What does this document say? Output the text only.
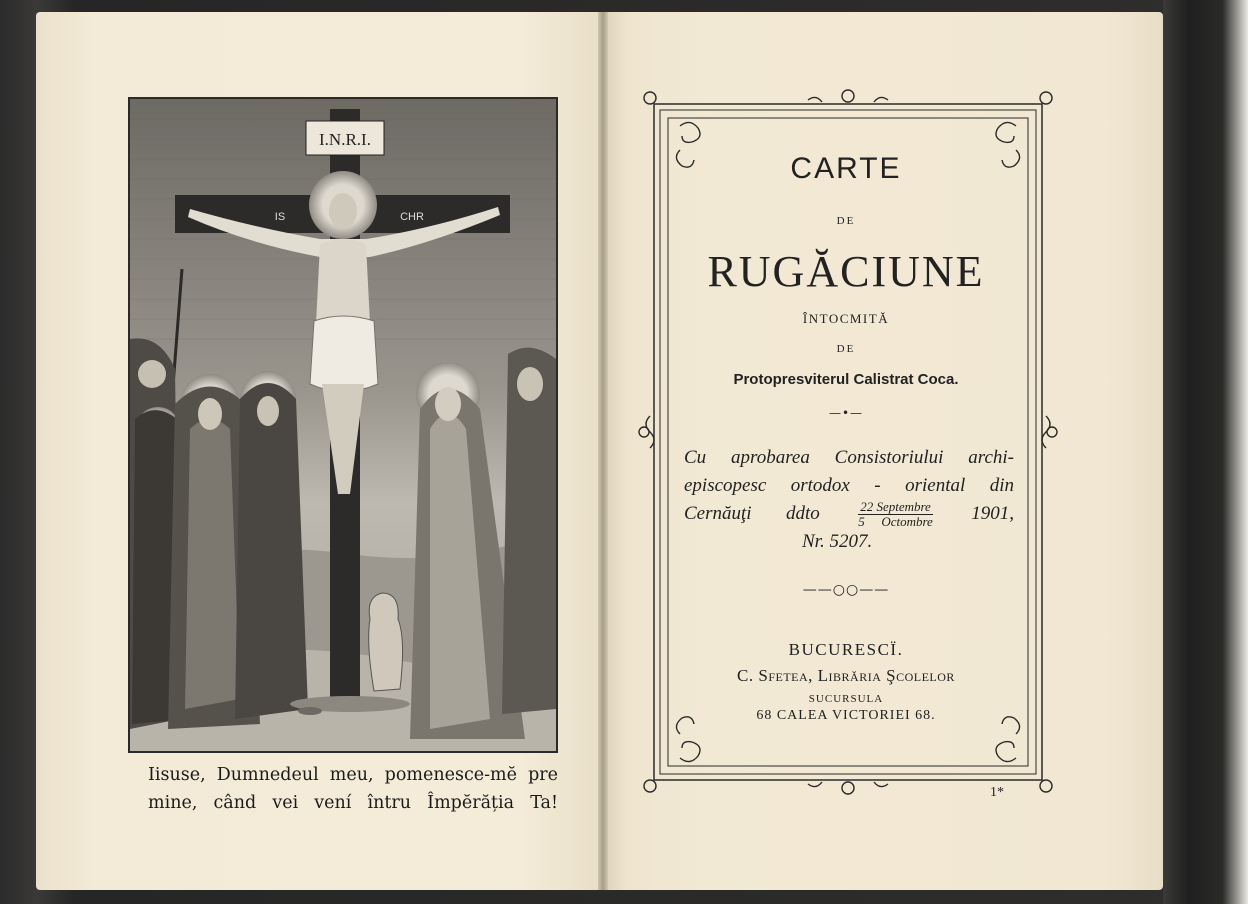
I.N.R.I.
IS	CHR
Iisuse, Dumnedeul meu, pomenesce-mĕ pre
mine, când vei vení întru Împĕrăția Ta!
CARTE
DE
RUGĂCIUNE
ÎNTOCMITĂ
DE
Protopresviterul Calistrat Coca.
—•—
Cu aprobarea Consistoriului archi-
episcopesc ortodox - oriental din
Cernăuţi ddto	$\frac{\text{22 Septembre}}{\text{5 Octombre}} 1901$,
Nr. 5207.
——○○——
BUCURESCÏ.
C. Sfetea, Librăria Şcolelor
SUCURSULA
68 CALEA VICTORIEI 68.
1*
